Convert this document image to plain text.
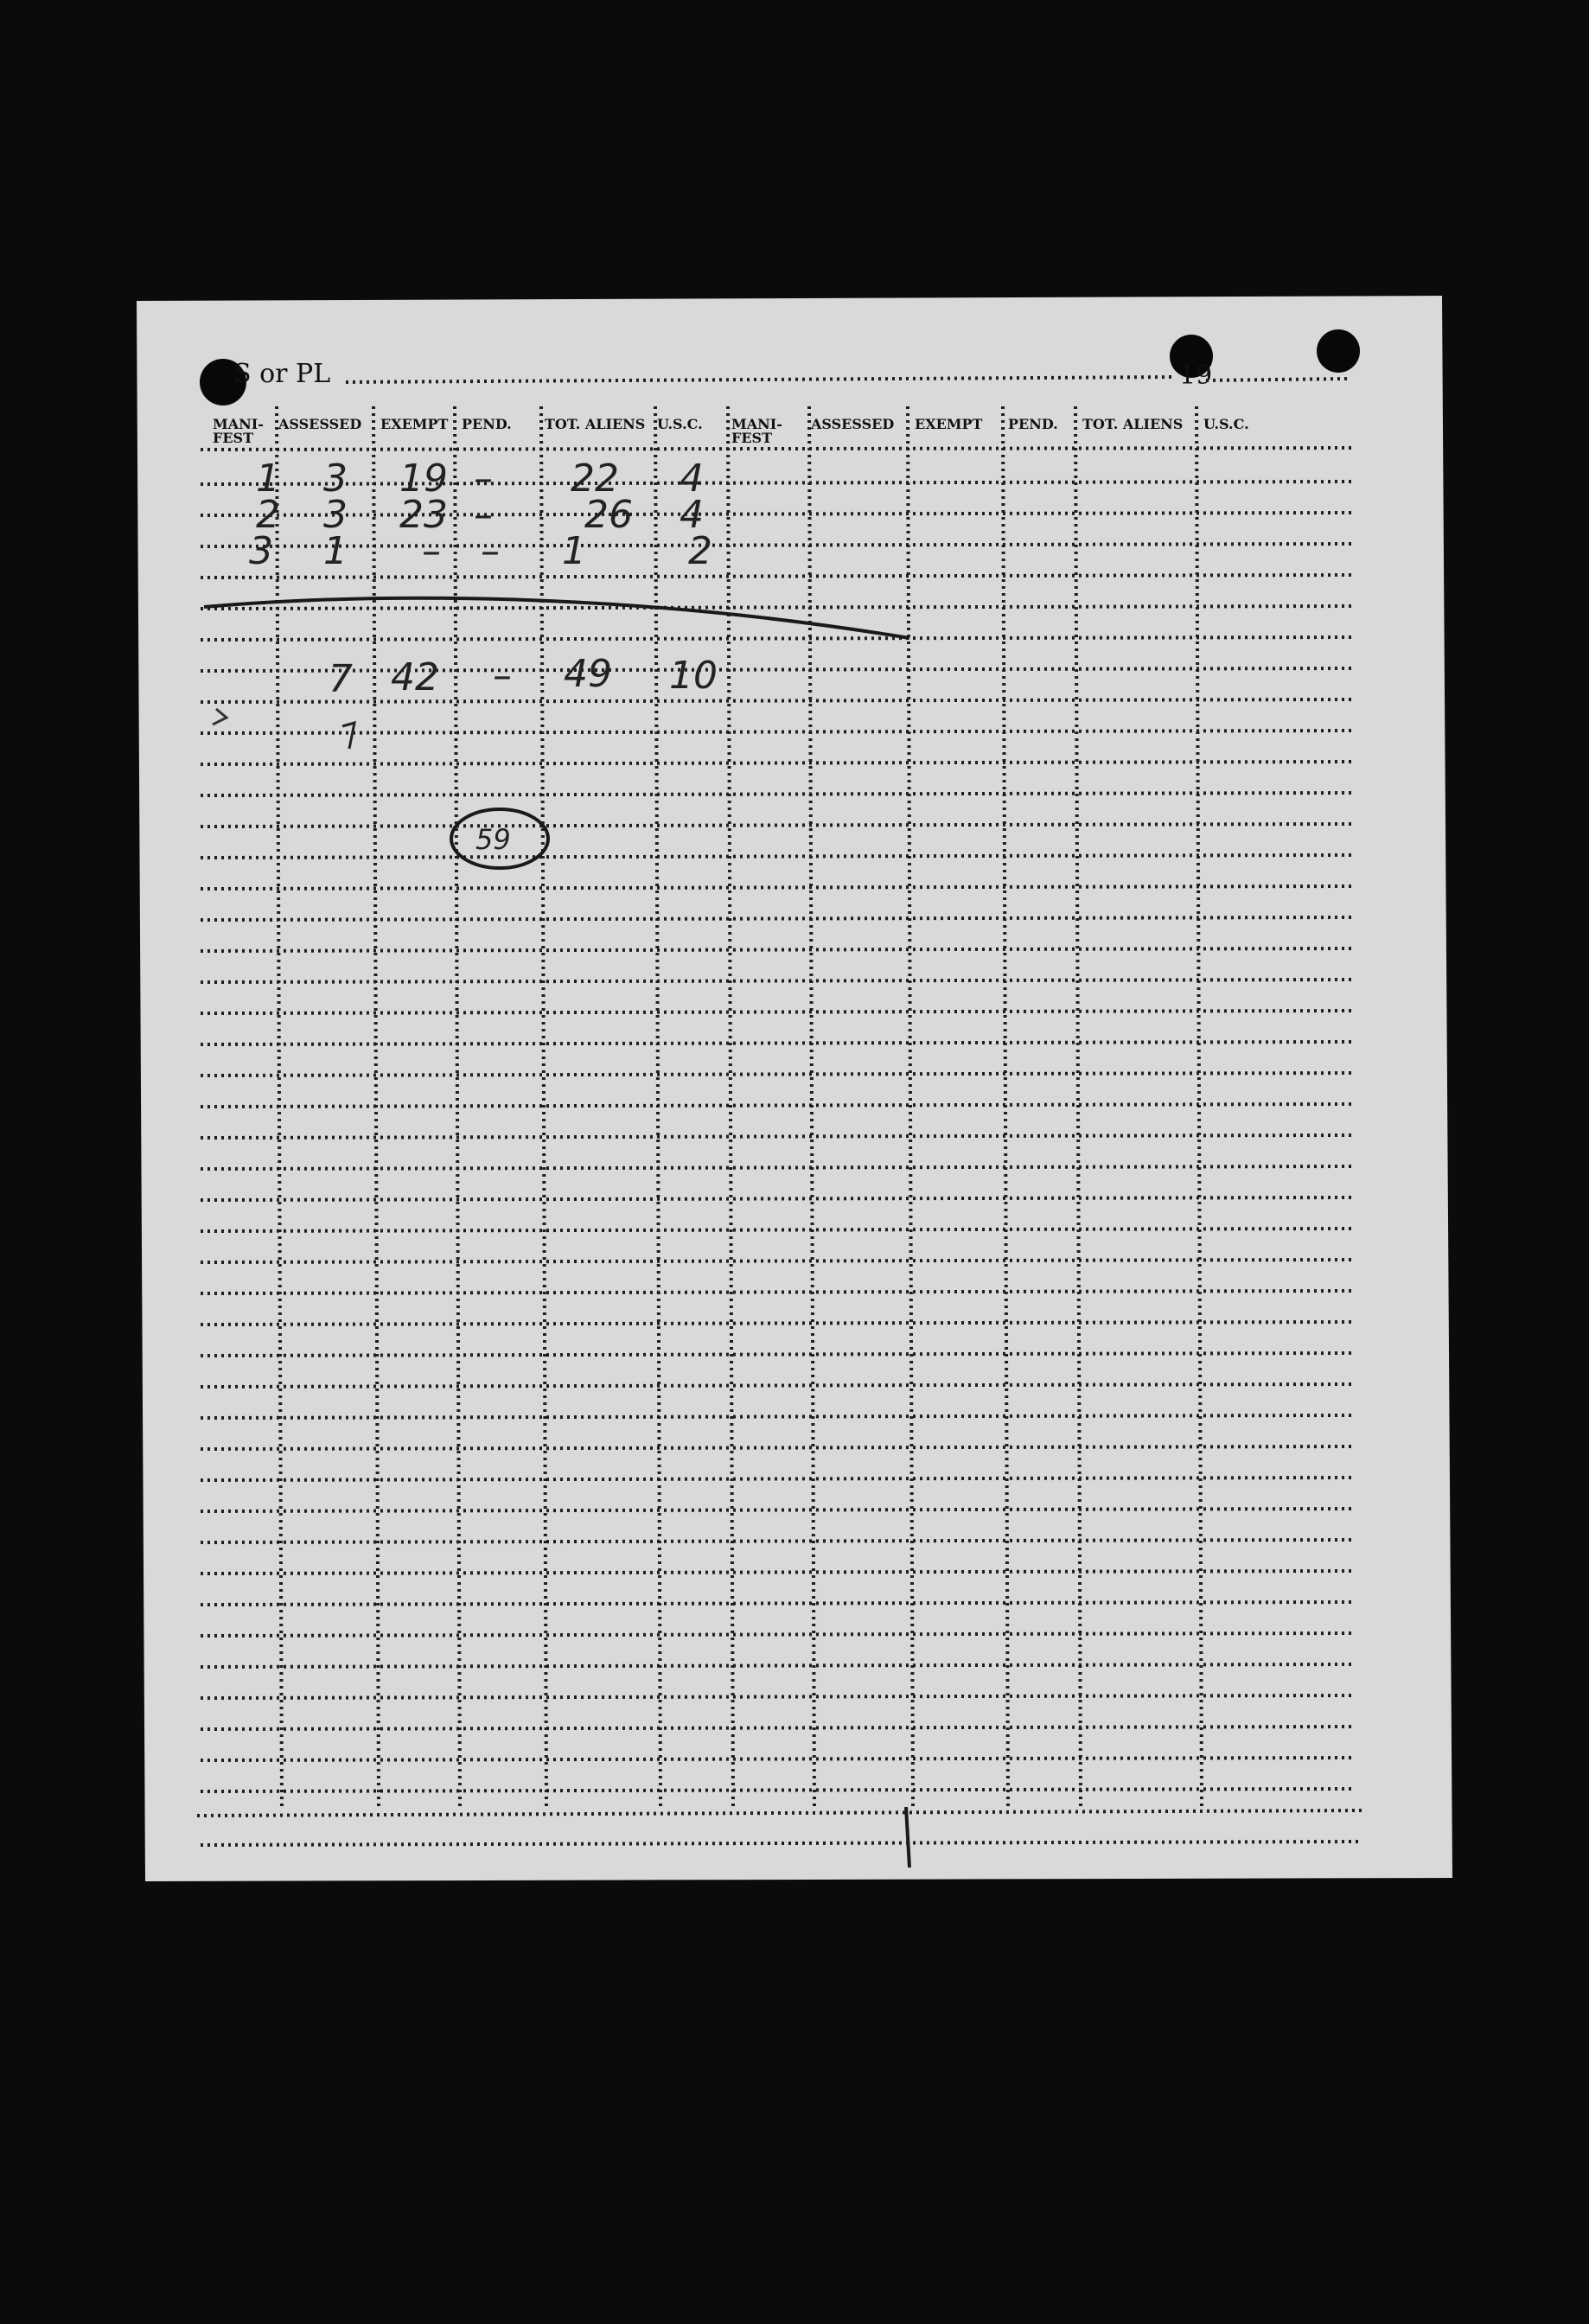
S or PL	19
MANI-FEST
ASSESSED EXEMPT PEND. TOT. ALIENS U.S.C. MANI-FEST
ASSESSED EXEMPT PEND. TOT. ALIENS U.S.C.
1 3 19 – 22 4
2 3 23 – 26 4
3 1 – – 1	2
7 42 – 49 10
59
